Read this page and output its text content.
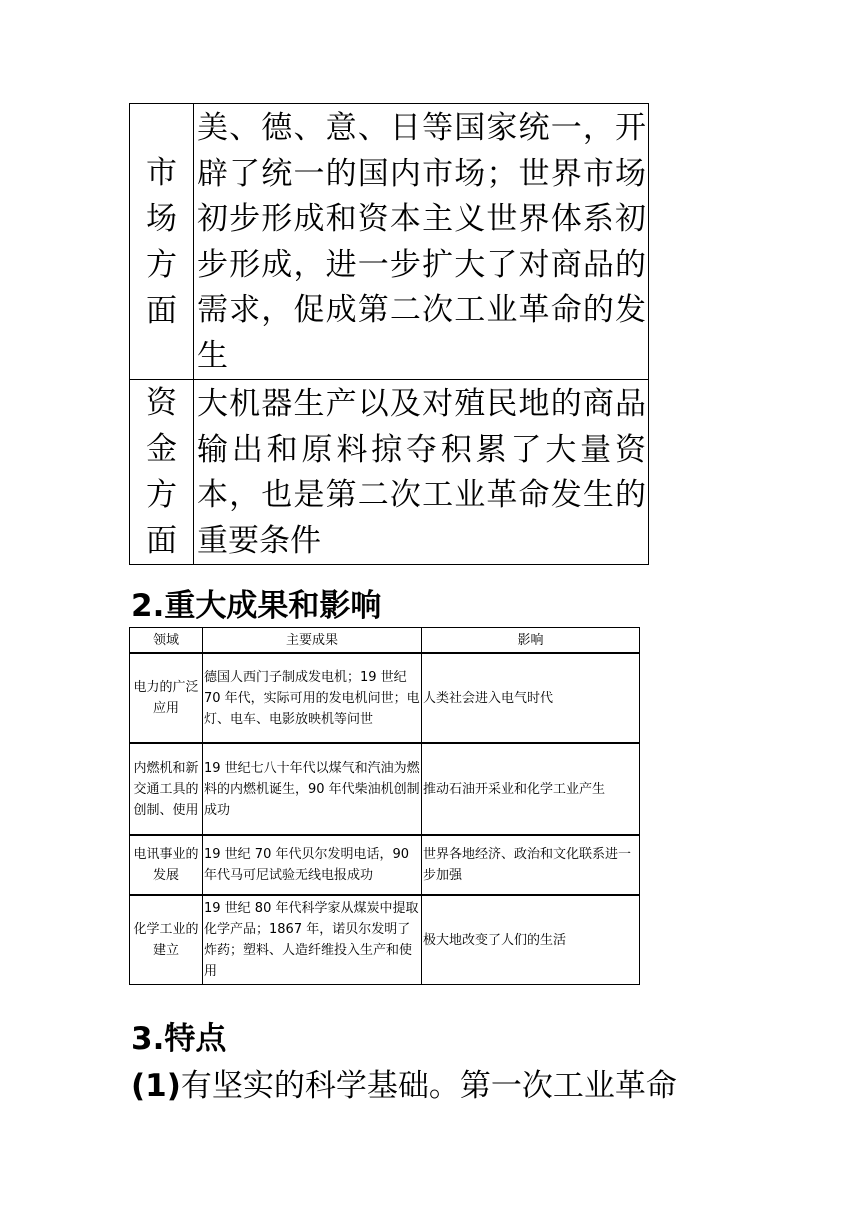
市
场
方
面	美、德、意、日等国家统一，开辟了统一的国内市场；世界市场初步形成和资本主义世界体系初步形成，进一步扩大了对商品的需求，促成第二次工业革命的发生

资
金
方
面	大机器生产以及对殖民地的商品输出和原料掠夺积累了大量资本，也是第二次工业革命发生的重要条件
2.重大成果和影响
领域	主要成果	影响
电力的广泛应用	德国人西门子制成发电机；19 世纪 70 年代，实际可用的发电机问世；电灯、电车、电影放映机等问世	人类社会进入电气时代
内燃机和新交通工具的创制、使用	19 世纪七八十年代以煤气和汽油为燃料的内燃机诞生，90 年代柴油机创制成功	推动石油开采业和化学工业产生
电讯事业的发展	19 世纪 70 年代贝尔发明电话，90 年代马可尼试验无线电报成功	世界各地经济、政治和文化联系进一步加强
化学工业的建立	19 世纪 80 年代科学家从煤炭中提取化学产品；1867 年，诺贝尔发明了炸药；塑料、人造纤维投入生产和使用	极大地改变了人们的生活
3.特点
(1)有坚实的科学基础。第一次工业革命
